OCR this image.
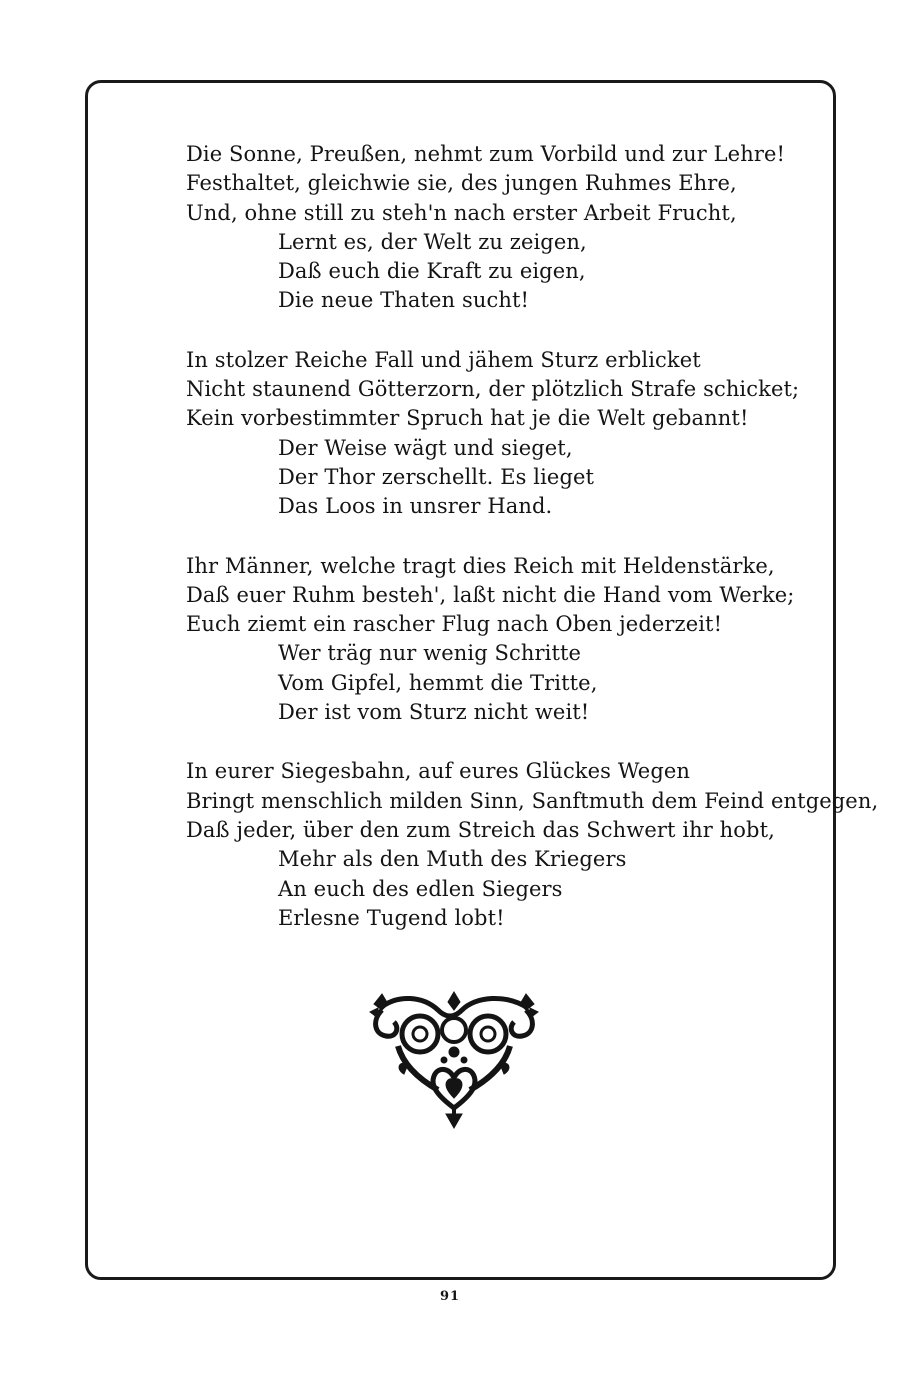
Die Sonne, Preußen, nehmt zum Vorbild und zur Lehre!
Festhaltet, gleichwie sie, des jungen Ruhmes Ehre,
Und, ohne still zu steh'n nach erster Arbeit Frucht,
Lernt es, der Welt zu zeigen,
Daß euch die Kraft zu eigen,
Die neue Thaten sucht!
In stolzer Reiche Fall und jähem Sturz erblicket
Nicht staunend Götterzorn, der plötzlich Strafe schicket;
Kein vorbestimmter Spruch hat je die Welt gebannt!
Der Weise wägt und sieget,
Der Thor zerschellt. Es lieget
Das Loos in unsrer Hand.
Ihr Männer, welche tragt dies Reich mit Heldenstärke,
Daß euer Ruhm besteh', laßt nicht die Hand vom Werke;
Euch ziemt ein rascher Flug nach Oben jederzeit!
Wer träg nur wenig Schritte
Vom Gipfel, hemmt die Tritte,
Der ist vom Sturz nicht weit!
In eurer Siegesbahn, auf eures Glückes Wegen
Bringt menschlich milden Sinn, Sanftmuth dem Feind entgegen,
Daß jeder, über den zum Streich das Schwert ihr hobt,
Mehr als den Muth des Kriegers
An euch des edlen Siegers
Erlesne Tugend lobt!
91
